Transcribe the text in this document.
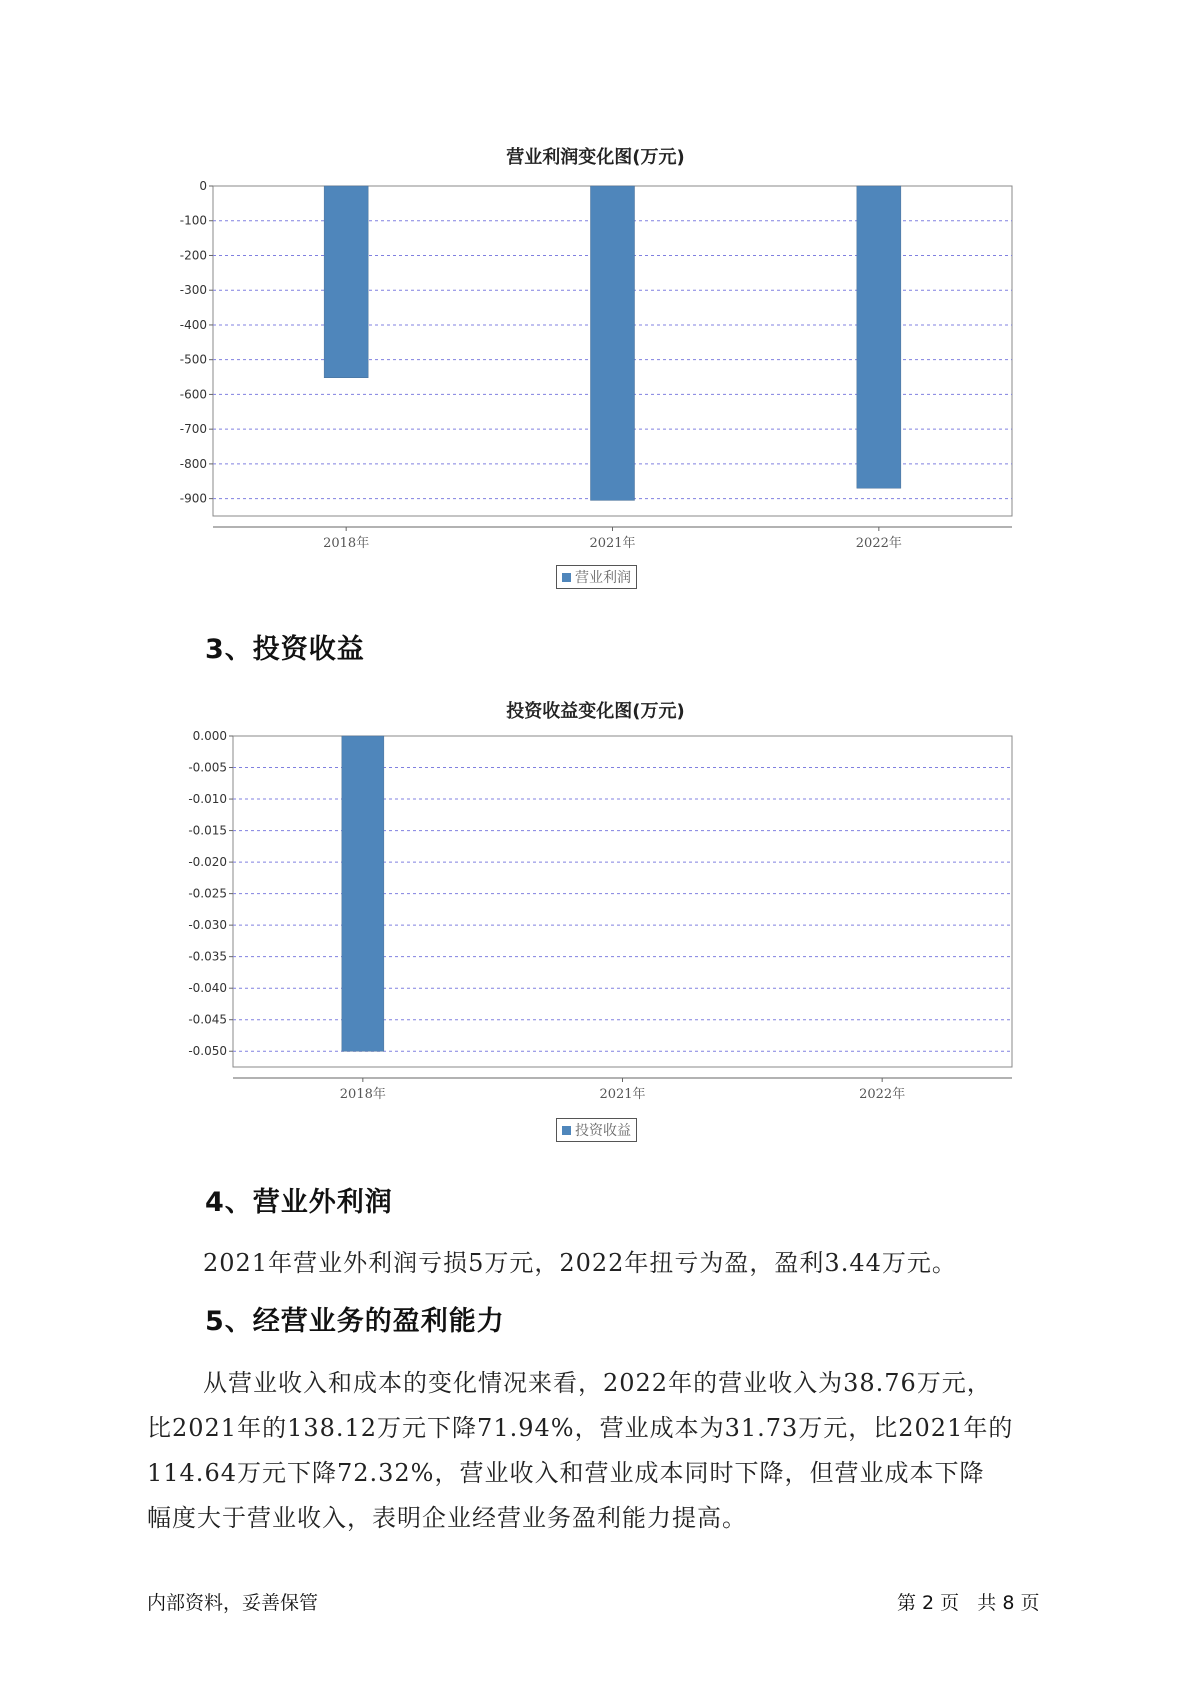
营业利润变化图(万元)
0
-100
-200
-300
-400
-500
-600
-700
-800
-900
2018年	2021年	2022年
营业利润
3、投资收益
投资收益变化图(万元)
0.000
-0.005
-0.010
-0.015
-0.020
-0.025
-0.030
-0.035
-0.040
-0.045
-0.050
2018年	2021年	2022年
投资收益
4、营业外利润
2021年营业外利润亏损5万元，2022年扭亏为盈，盈利3.44万元。
5、经营业务的盈利能力
从营业收入和成本的变化情况来看，2022年的营业收入为38.76万元，
比2021年的138.12万元下降71.94%，营业成本为31.73万元，比2021年的
114.64万元下降72.32%，营业收入和营业成本同时下降，但营业成本下降
幅度大于营业收入，表明企业经营业务盈利能力提高。
内部资料，妥善保管	第 2 页   共 8 页
